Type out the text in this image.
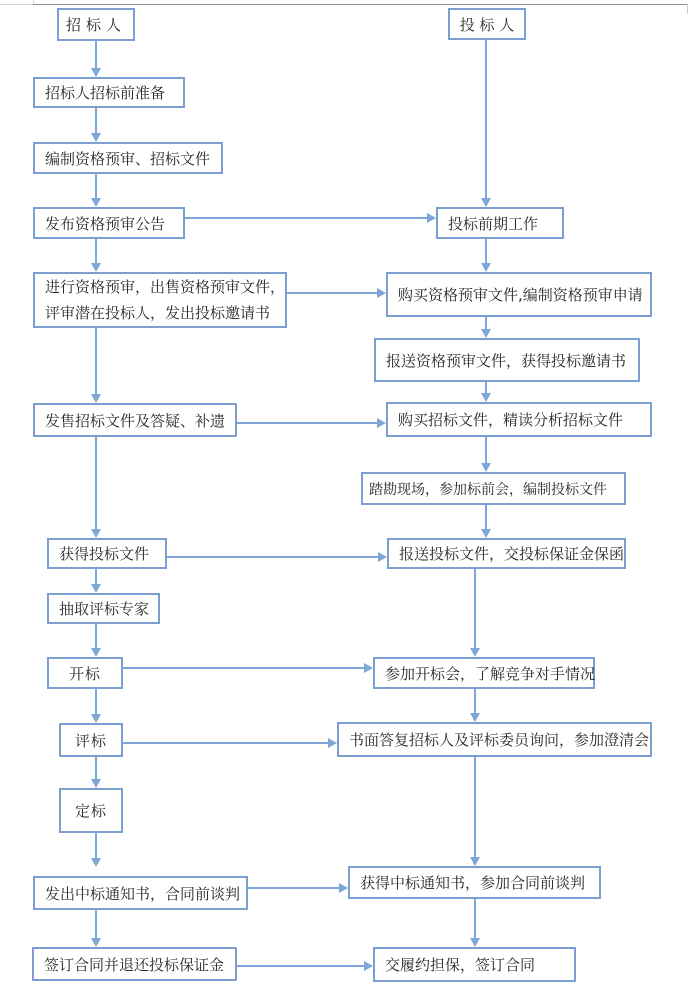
招标人
招标人招标前准备
编制资格预审、招标文件
发布资格预审公告
进行资格预审，出售资格预审文件，
评审潜在投标人，发出投标邀请书
发售招标文件及答疑、补遗
获得投标文件
抽取评标专家
开标
评标
定标
发出中标通知书，合同前谈判
签订合同并退还投标保证金
投 标 人
投标前期工作
购买资格预审文件,编制资格预审申请
报送资格预审文件，获得投标邀请书
购买招标文件，精读分析招标文件
踏勘现场，参加标前会，编制投标文件
报送投标文件，交投标保证金保函
参加开标会，了解竞争对手情况
书面答复招标人及评标委员询问，参加澄清会
获得中标通知书，参加合同前谈判
交履约担保，签订合同
